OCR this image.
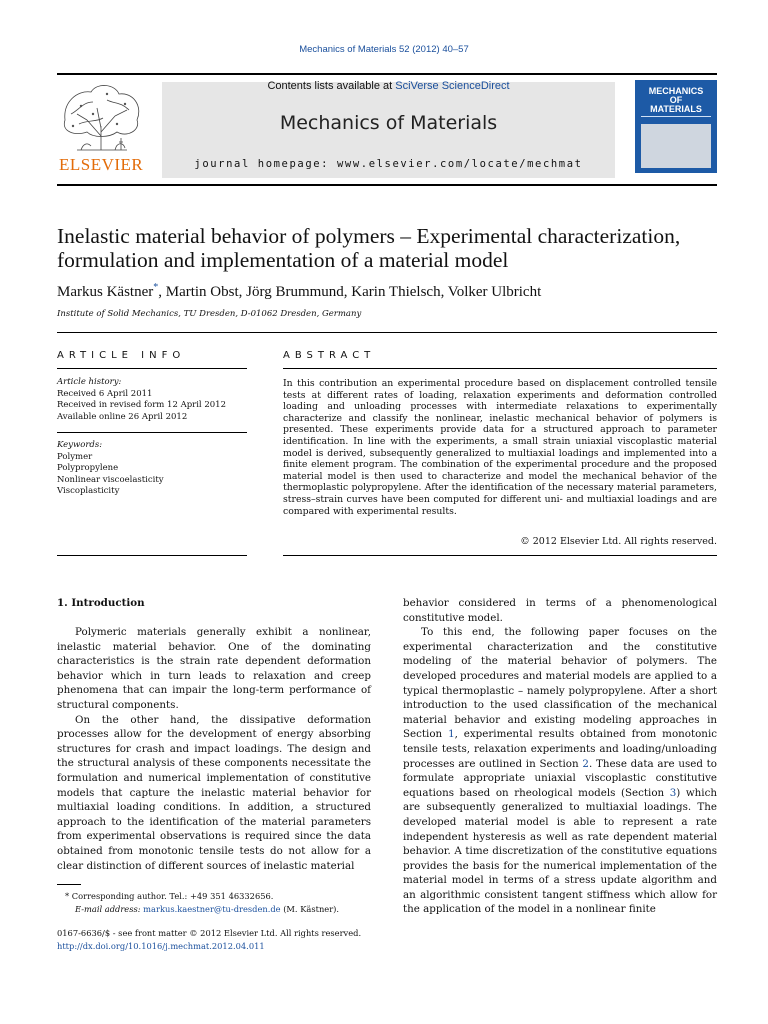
Mechanics of Materials 52 (2012) 40–57
ELSEVIER
Contents lists available at SciVerse ScienceDirect
Mechanics of Materials
journal homepage: www.elsevier.com/locate/mechmat
MECHANICS
OF
MATERIALS
Inelastic material behavior of polymers – Experimental characterization, formulation and implementation of a material model
Markus Kästner*, Martin Obst, Jörg Brummund, Karin Thielsch, Volker Ulbricht
Institute of Solid Mechanics, TU Dresden, D-01062 Dresden, Germany
ARTICLE INFO
Article history:
Received 6 April 2011
Received in revised form 12 April 2012
Available online 26 April 2012
Keywords:
Polymer
Polypropylene
Nonlinear viscoelasticity
Viscoplasticity
ABSTRACT
In this contribution an experimental procedure based on displacement controlled tensile tests at different rates of loading, relaxation experiments and deformation controlled loading and unloading processes with intermediate relaxations to experimentally characterize and classify the nonlinear, inelastic mechanical behavior of polymers is presented. These experiments provide data for a structured approach to parameter identification. In line with the experiments, a small strain uniaxial viscoplastic material model is derived, subsequently generalized to multiaxial loadings and implemented into a finite element program. The combination of the experimental procedure and the proposed material model is then used to characterize and model the mechanical behavior of the thermoplastic polypropylene. After the identification of the necessary material parameters, stress–strain curves have been computed for different uni- and multiaxial loadings and are compared with experimental results.
© 2012 Elsevier Ltd. All rights reserved.
1. Introduction

Polymeric materials generally exhibit a nonlinear, inelastic material behavior. One of the dominating characteristics is the strain rate dependent deformation behavior which in turn leads to relaxation and creep phenomena that can impair the long-term performance of structural components.

On the other hand, the dissipative deformation processes allow for the development of energy absorbing structures for crash and impact loadings. The design and the structural analysis of these components necessitate the formulation and numerical implementation of constitutive models that capture the inelastic material behavior for multiaxial loading conditions. In addition, a structured approach to the identification of the material parameters from experimental observations is required since the data obtained from monotonic tensile tests do not allow for a clear distinction of different sources of inelastic material

behavior considered in terms of a phenomenological constitutive model.

To this end, the following paper focuses on the experimental characterization and the constitutive modeling of the material behavior of polymers. The developed procedures and material models are applied to a typical thermoplastic – namely polypropylene. After a short introduction to the used classification of the mechanical material behavior and existing modeling approaches in Section 1, experimental results obtained from monotonic tensile tests, relaxation experiments and loading/unloading processes are outlined in Section 2. These data are used to formulate appropriate uniaxial viscoplastic constitutive equations based on rheological models (Section 3) which are subsequently generalized to multiaxial loadings. The developed material model is able to represent a rate independent hysteresis as well as rate dependent material behavior. A time discretization of the constitutive equations provides the basis for the numerical implementation of the material model in terms of a stress update algorithm and an algorithmic consistent tangent stiffness which allow for the application of the model in a nonlinear finite

* Corresponding author. Tel.: +49 351 46332656.
E-mail address: markus.kaestner@tu-dresden.de (M. Kästner).
0167-6636/$ - see front matter © 2012 Elsevier Ltd. All rights reserved.
http://dx.doi.org/10.1016/j.mechmat.2012.04.011
